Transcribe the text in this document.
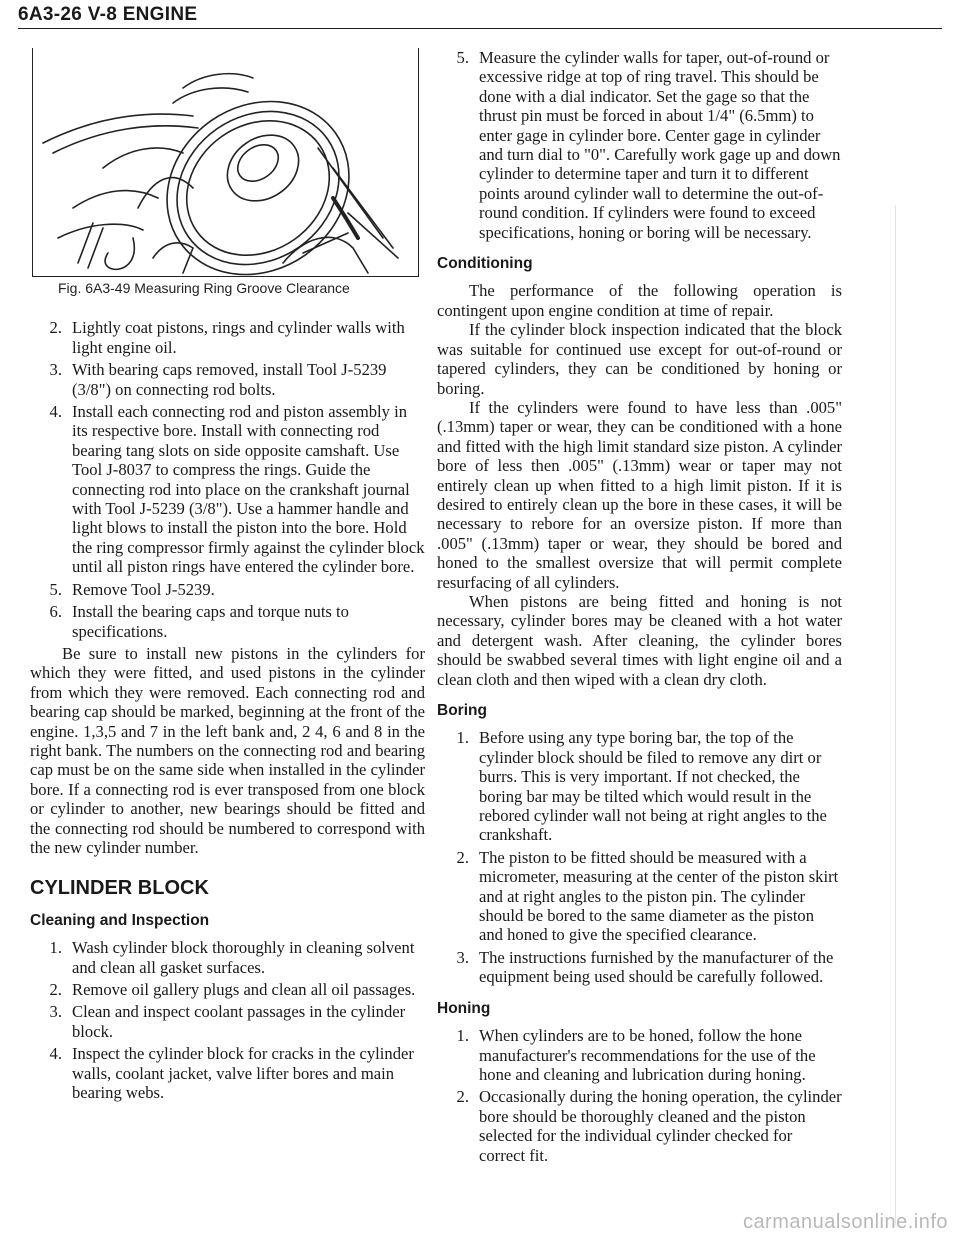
6A3-26 V-8 ENGINE
Fig. 6A3-49 Measuring Ring Groove Clearance
2. Lightly coat pistons, rings and cylinder walls with light engine oil.
3. With bearing caps removed, install Tool J-5239 (3/8") on connecting rod bolts.
4. Install each connecting rod and piston assembly in its respective bore. Install with connecting rod bearing tang slots on side opposite camshaft. Use Tool J-8037 to compress the rings. Guide the connecting rod into place on the crankshaft journal with Tool J-5239 (3/8"). Use a hammer handle and light blows to install the piston into the bore. Hold the ring compressor firmly against the cylinder block until all piston rings have entered the cylinder bore.
5. Remove Tool J-5239.
6. Install the bearing caps and torque nuts to specifications.

Be sure to install new pistons in the cylinders for which they were fitted, and used pistons in the cylinder from which they were removed. Each connecting rod and bearing cap should be marked, beginning at the front of the engine. 1,3,5 and 7 in the left bank and, 2 4, 6 and 8 in the right bank. The numbers on the connecting rod and bearing cap must be on the same side when installed in the cylinder bore. If a connecting rod is ever transposed from one block or cylinder to another, new bearings should be fitted and the connecting rod should be numbered to correspond with the new cylinder number.

CYLINDER BLOCK
Cleaning and Inspection
1. Wash cylinder block thoroughly in cleaning solvent and clean all gasket surfaces.
2. Remove oil gallery plugs and clean all oil passages.
3. Clean and inspect coolant passages in the cylinder block.
4. Inspect the cylinder block for cracks in the cylinder walls, coolant jacket, valve lifter bores and main bearing webs.
5. Measure the cylinder walls for taper, out-of-round or excessive ridge at top of ring travel. This should be done with a dial indicator. Set the gage so that the thrust pin must be forced in about 1/4" (6.5mm) to enter gage in cylinder bore. Center gage in cylinder and turn dial to "0". Carefully work gage up and down cylinder to determine taper and turn it to different points around cylinder wall to determine the out-of-round condition. If cylinders were found to exceed specifications, honing or boring will be necessary.
Conditioning

The performance of the following operation is contingent upon engine condition at time of repair.

If the cylinder block inspection indicated that the block was suitable for continued use except for out-of-round or tapered cylinders, they can be conditioned by honing or boring.

If the cylinders were found to have less than .005" (.13mm) taper or wear, they can be conditioned with a hone and fitted with the high limit standard size piston. A cylinder bore of less then .005" (.13mm) wear or taper may not entirely clean up when fitted to a high limit piston. If it is desired to entirely clean up the bore in these cases, it will be necessary to rebore for an oversize piston. If more than .005" (.13mm) taper or wear, they should be bored and honed to the smallest oversize that will permit complete resurfacing of all cylinders.

When pistons are being fitted and honing is not necessary, cylinder bores may be cleaned with a hot water and detergent wash. After cleaning, the cylinder bores should be swabbed several times with light engine oil and a clean cloth and then wiped with a clean dry cloth.

Boring
1. Before using any type boring bar, the top of the cylinder block should be filed to remove any dirt or burrs. This is very important. If not checked, the boring bar may be tilted which would result in the rebored cylinder wall not being at right angles to the crankshaft.
2. The piston to be fitted should be measured with a micrometer, measuring at the center of the piston skirt and at right angles to the piston pin. The cylinder should be bored to the same diameter as the piston and honed to give the specified clearance.
3. The instructions furnished by the manufacturer of the equipment being used should be carefully followed.
Honing
1. When cylinders are to be honed, follow the hone manufacturer's recommendations for the use of the hone and cleaning and lubrication during honing.
2. Occasionally during the honing operation, the cylinder bore should be thoroughly cleaned and the piston selected for the individual cylinder checked for correct fit.
carmanualsonline.info
